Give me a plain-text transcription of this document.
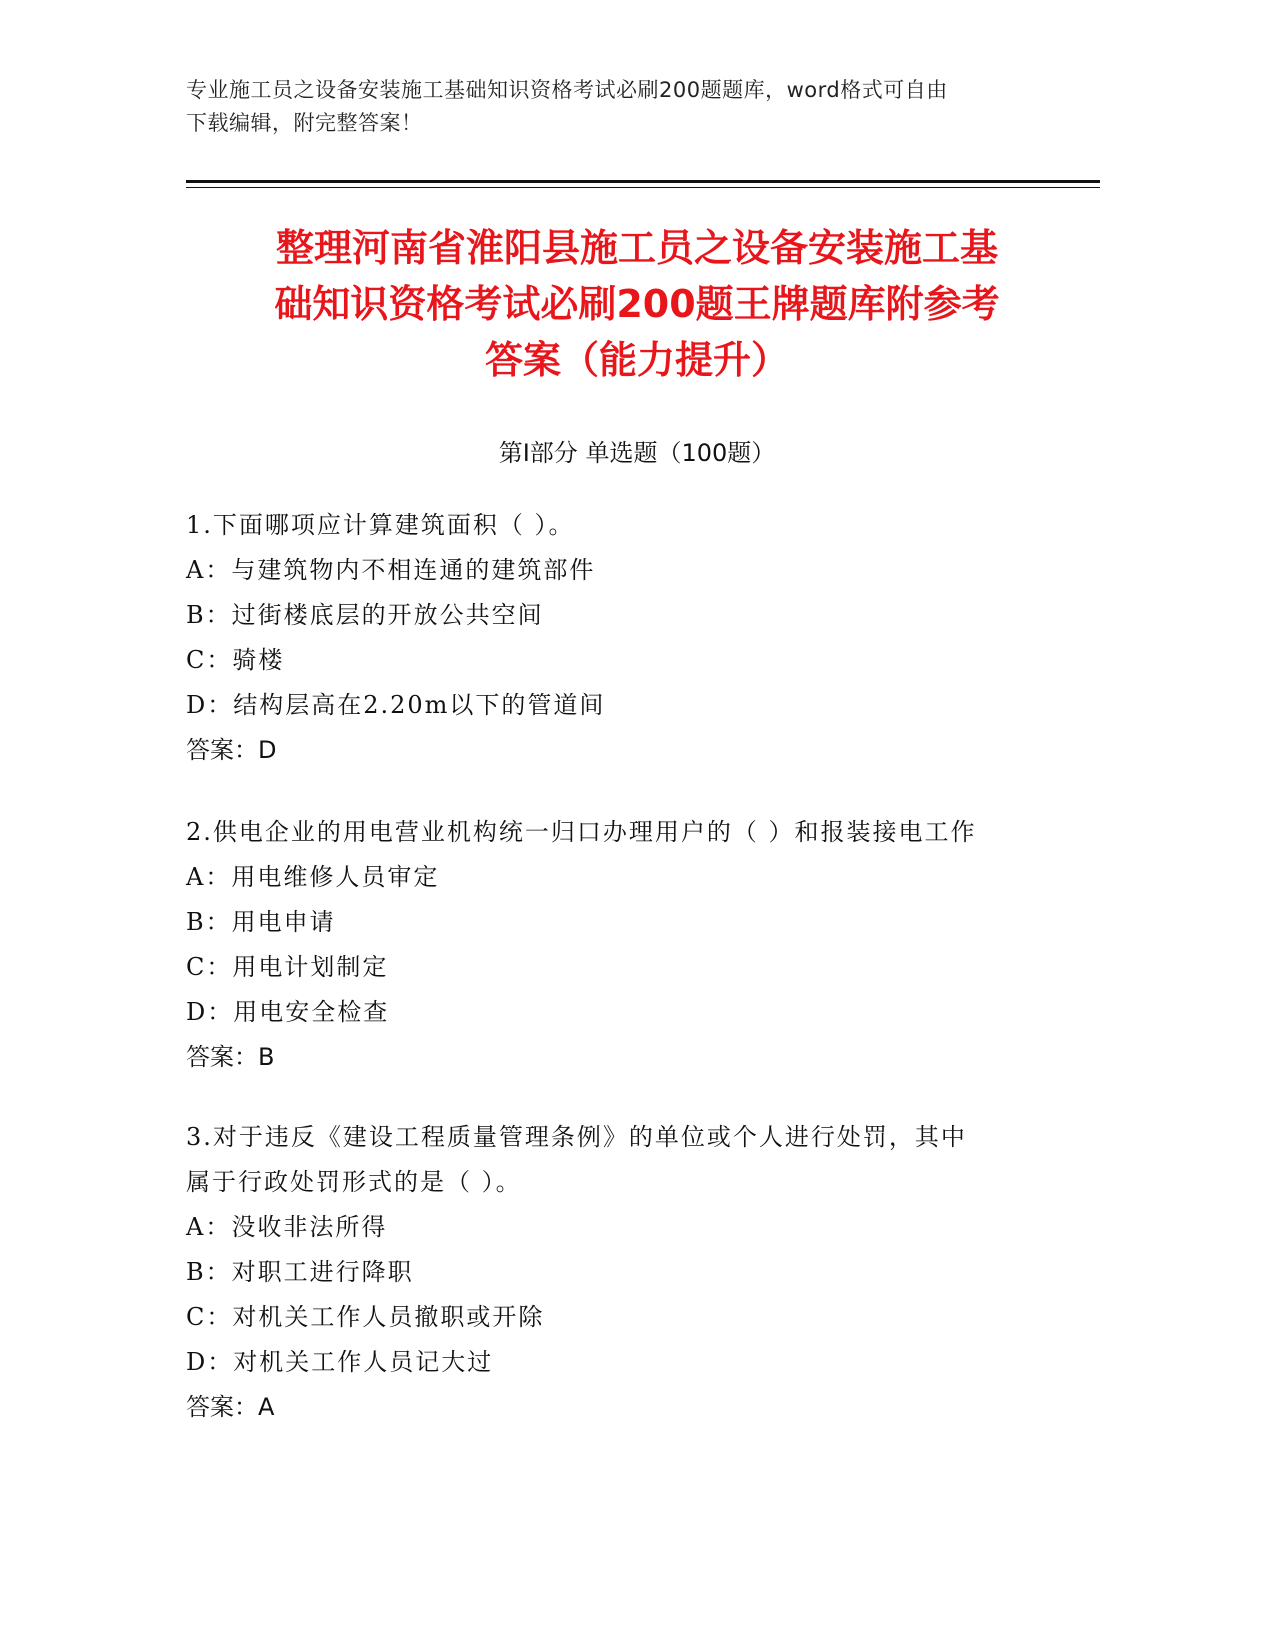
专业施工员之设备安装施工基础知识资格考试必刷200题题库，word格式可自由
下载编辑，附完整答案！
整理河南省淮阳县施工员之设备安装施工基
础知识资格考试必刷200题王牌题库附参考
答案（能力提升）
第Ⅰ部分 单选题（100题）
1.下面哪项应计算建筑面积（ ）。
A：与建筑物内不相连通的建筑部件
B：过街楼底层的开放公共空间
C：骑楼
D：结构层高在2.20m以下的管道间
答案：D
2.供电企业的用电营业机构统一归口办理用户的（ ）和报装接电工作
A：用电维修人员审定
B：用电申请
C：用电计划制定
D：用电安全检查
答案：B
3.对于违反《建设工程质量管理条例》的单位或个人进行处罚，其中
属于行政处罚形式的是（ ）。
A：没收非法所得
B：对职工进行降职
C：对机关工作人员撤职或开除
D：对机关工作人员记大过
答案：A
